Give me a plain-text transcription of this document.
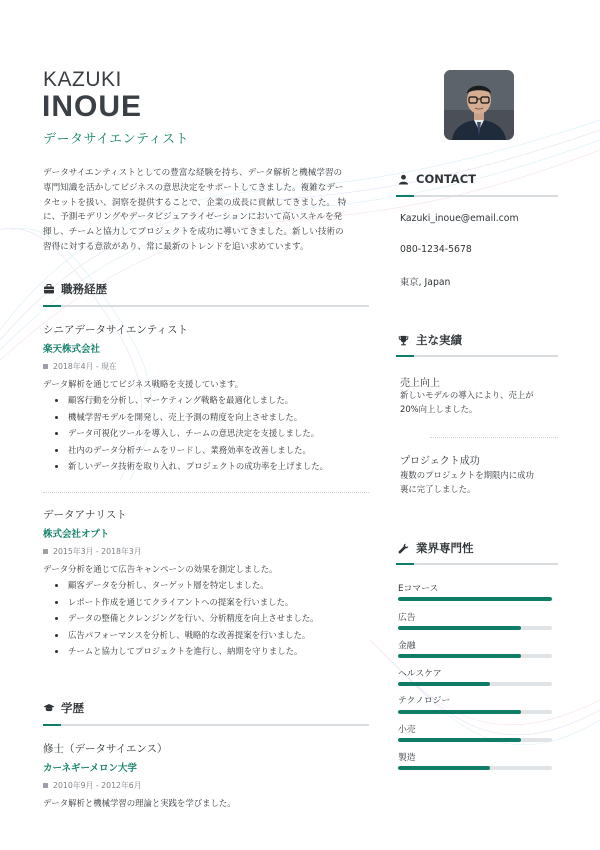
KAZUKI
INOUE
データサイエンティスト
データサイエンティストとしての豊富な経験を持ち、データ解析と機械学習の
専門知識を活かしてビジネスの意思決定をサポートしてきました。複雑なデー
タセットを扱い、洞察を提供することで、企業の成長に貢献してきました。 特
に、予測モデリングやデータビジュアライゼーションにおいて高いスキルを発
揮し、チームと協力してプロジェクトを成功に導いてきました。新しい技術の
習得に対する意欲があり、常に最新のトレンドを追い求めています。
職務経歴
シニアデータサイエンティスト
楽天株式会社
2018年4月 - 現在
データ解析を通じてビジネス戦略を支援しています。
顧客行動を分析し、マーケティング戦略を最適化しました。
機械学習モデルを開発し、売上予測の精度を向上させました。
データ可視化ツールを導入し、チームの意思決定を支援しました。
社内のデータ分析チームをリードし、業務効率を改善しました。
新しいデータ技術を取り入れ、プロジェクトの成功率を上げました。
データアナリスト
株式会社オプト
2015年3月 - 2018年3月
データ分析を通じて広告キャンペーンの効果を測定しました。
顧客データを分析し、ターゲット層を特定しました。
レポート作成を通じてクライアントへの提案を行いました。
データの整備とクレンジングを行い、分析精度を向上させました。
広告パフォーマンスを分析し、戦略的な改善提案を行いました。
チームと協力してプロジェクトを進行し、納期を守りました。
学歴
修士（データサイエンス）
カーネギーメロン大学
2010年9月 - 2012年6月
データ解析と機械学習の理論と実践を学びました。
CONTACT
Kazuki_inoue@email.com
080-1234-5678
東京, Japan
主な実績
売上向上
新しいモデルの導入により、売上が
20%向上しました。
プロジェクト成功
複数のプロジェクトを期限内に成功
裏に完了しました。
業界専門性
Eコマース
広告
金融
ヘルスケア
テクノロジー
小売
製造
